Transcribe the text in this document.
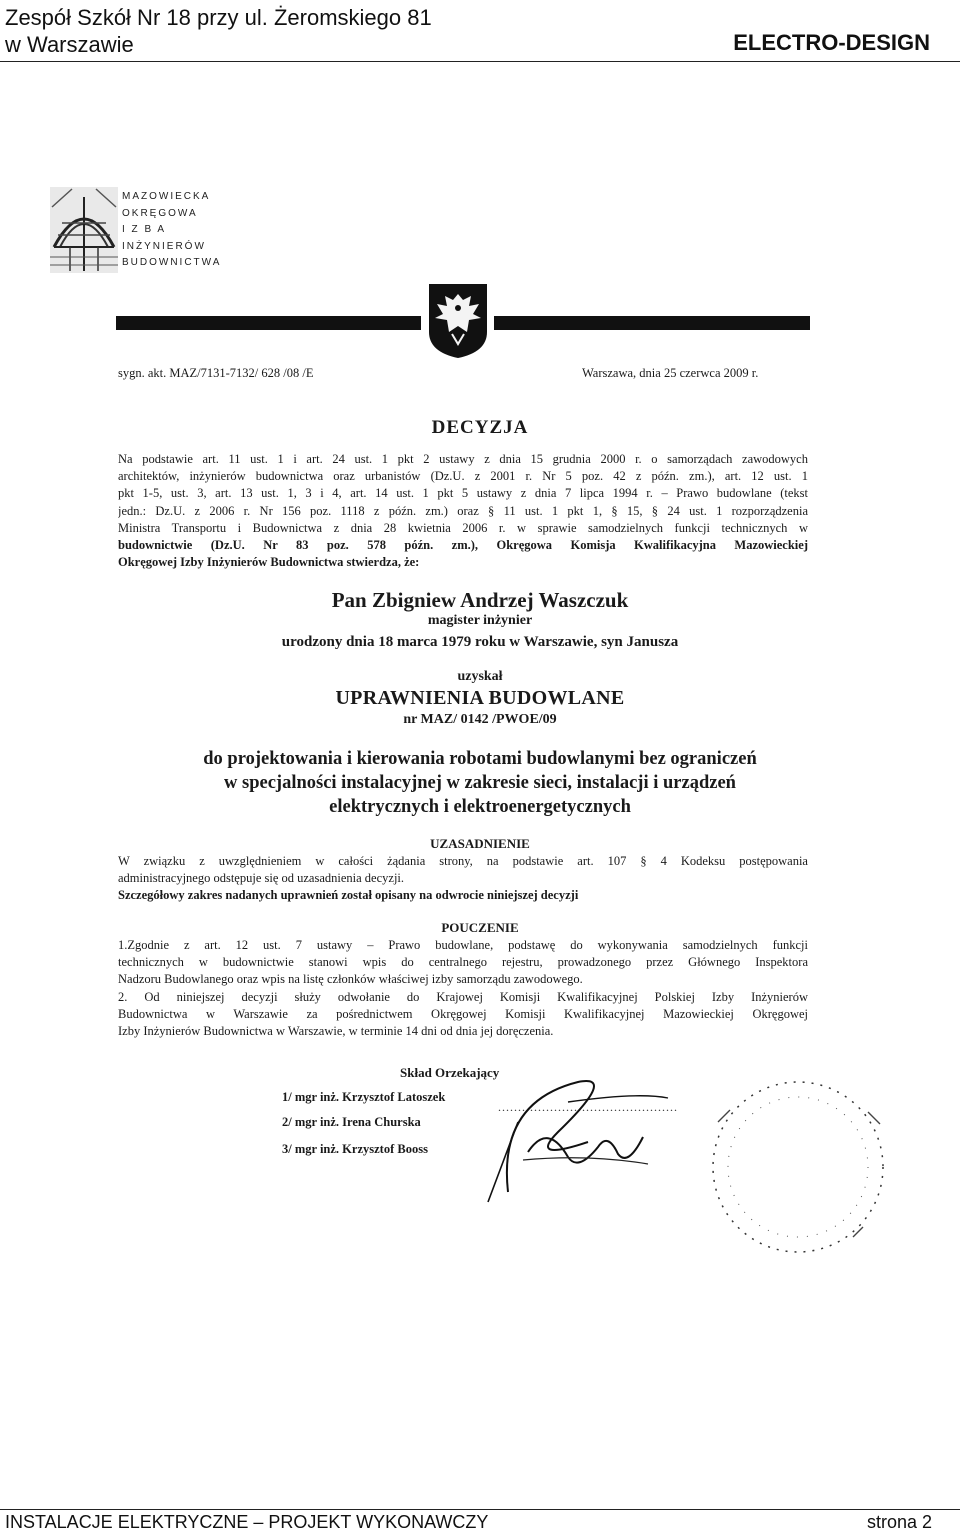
Zespół Szkół Nr 18 przy ul. Żeromskiego 81
w Warszawie	ELECTRO-DESIGN
MAZOWIECKA
OKRĘGOWA
I Z B A
INŻYNIERÓW
BUDOWNICTWA
sygn. akt. MAZ/7131-7132/ 628 /08 /E	Warszawa, dnia 25 czerwca 2009 r.
DECYZJA
Na podstawie art. 11 ust. 1 i art. 24 ust. 1 pkt 2 ustawy z dnia 15 grudnia 2000 r. o samorządach zawodowych
architektów, inżynierów budownictwa oraz urbanistów (Dz.U. z 2001 r. Nr 5 poz. 42 z późn. zm.), art. 12 ust. 1
pkt 1-5, ust. 3, art. 13 ust. 1, 3 i 4, art. 14 ust. 1 pkt 5 ustawy z dnia 7 lipca 1994 r. – Prawo budowlane (tekst
jedn.: Dz.U. z 2006 r. Nr 156 poz. 1118 z późn. zm.) oraz § 11 ust. 1 pkt 1, § 15, § 24 ust. 1 rozporządzenia
Ministra Transportu i Budownictwa z dnia 28 kwietnia 2006 r. w sprawie samodzielnych funkcji technicznych w
budownictwie (Dz.U. Nr 83 poz. 578 późn. zm.), Okręgowa Komisja Kwalifikacyjna Mazowieckiej
Okręgowej Izby Inżynierów Budownictwa stwierdza, że:
Pan Zbigniew Andrzej Waszczuk
magister inżynier
urodzony dnia 18 marca 1979 roku w Warszawie, syn Janusza
uzyskał
UPRAWNIENIA BUDOWLANE
nr MAZ/ 0142 /PWOE/09
do projektowania i kierowania robotami budowlanymi bez ograniczeń
w specjalności instalacyjnej w zakresie sieci, instalacji i urządzeń
elektrycznych i elektroenergetycznych
UZASADNIENIE
W związku z uwzględnieniem w całości żądania strony, na podstawie art. 107 § 4 Kodeksu postępowania
administracyjnego odstępuje się od uzasadnienia decyzji.
Szczegółowy zakres nadanych uprawnień został opisany na odwrocie niniejszej decyzji
POUCZENIE
1.Zgodnie z art. 12 ust. 7 ustawy – Prawo budowlane, podstawę do wykonywania samodzielnych funkcji
technicznych w budownictwie stanowi wpis do centralnego rejestru, prowadzonego przez Głównego Inspektora
Nadzoru Budowlanego oraz wpis na listę członków właściwej izby samorządu zawodowego.
2. Od niniejszej decyzji służy odwołanie do Krajowej Komisji Kwalifikacyjnej Polskiej Izby Inżynierów
Budownictwa w Warszawie za pośrednictwem Okręgowej Komisji Kwalifikacyjnej Mazowieckiej Okręgowej
Izby Inżynierów Budownictwa w Warszawie, w terminie 14 dni od dnia jej doręczenia.
Skład Orzekający
1/ mgr inż. Krzysztof Latoszek
2/ mgr inż. Irena Churska
3/ mgr inż. Krzysztof Booss
.............................................
INSTALACJE ELEKTRYCZNE – PROJEKT WYKONAWCZY	strona 2
